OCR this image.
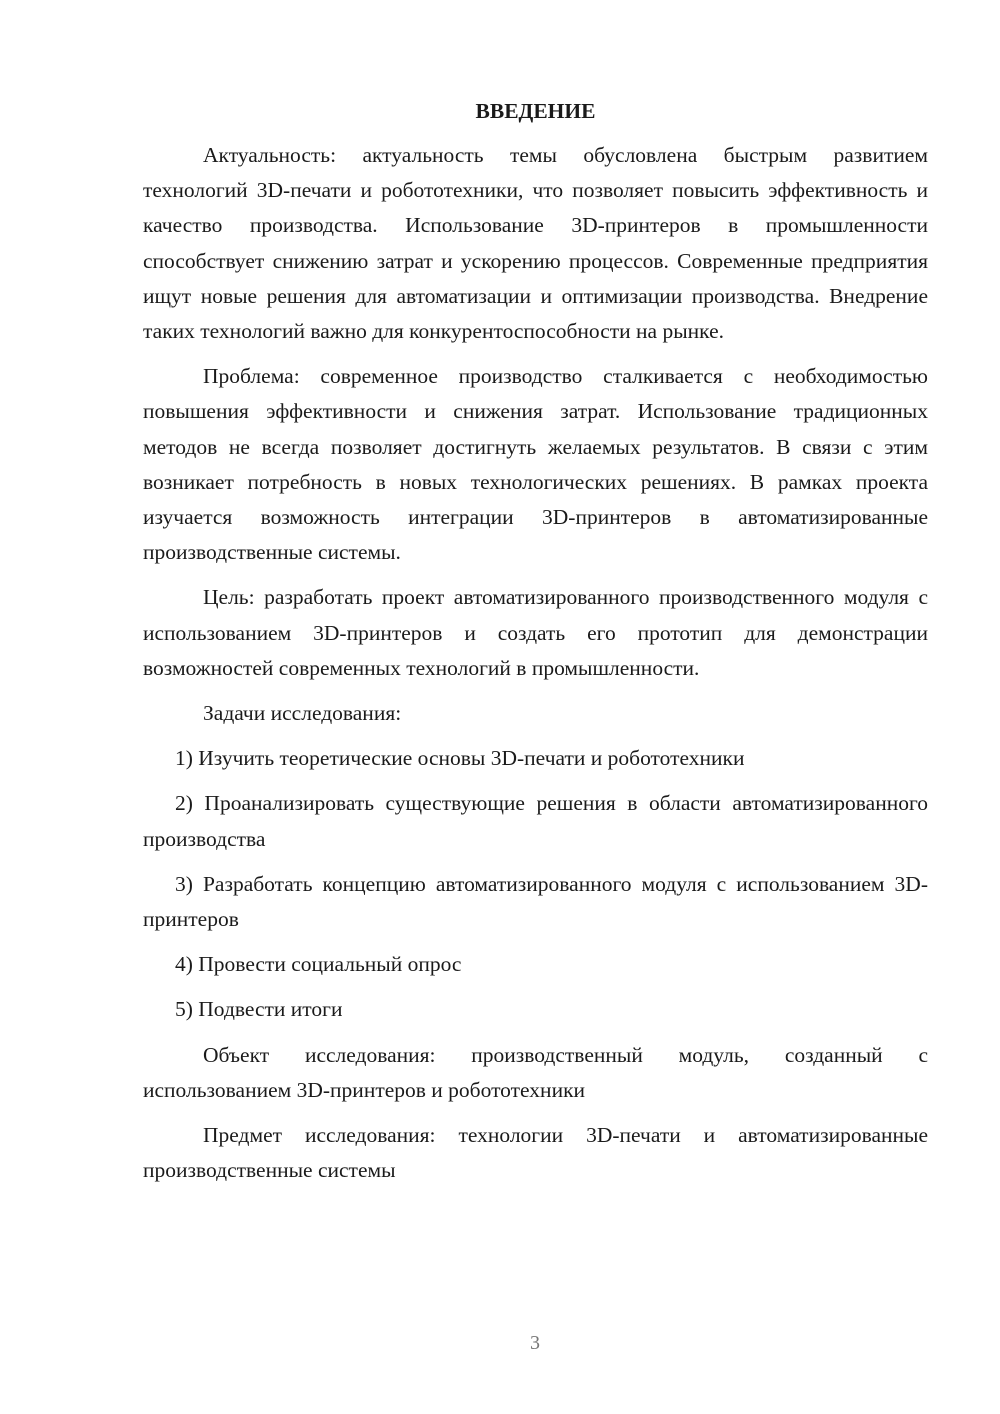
ВВЕДЕНИЕ

Актуальность: актуальность темы обусловлена быстрым развитием технологий 3D-печати и робототехники, что позволяет повысить эффективность и качество производства. Использование 3D-принтеров в промышленности способствует снижению затрат и ускорению процессов. Современные предприятия ищут новые решения для автоматизации и оптимизации производства. Внедрение таких технологий важно для конкурентоспособности на рынке.

Проблема: современное производство сталкивается с необходимостью повышения эффективности и снижения затрат. Использование традиционных методов не всегда позволяет достигнуть желаемых результатов. В связи с этим возникает потребность в новых технологических решениях. В рамках проекта изучается возможность интеграции 3D-принтеров в автоматизированные производственные системы.

Цель: разработать проект автоматизированного производственного модуля с использованием 3D-принтеров и создать его прототип для демонстрации возможностей современных технологий в промышленности.

Задачи исследования:

1) Изучить теоретические основы 3D-печати и робототехники
2) Проанализировать существующие решения в области автоматизированного производства
3) Разработать концепцию автоматизированного модуля с использованием 3D-принтеров
4) Провести социальный опрос
5) Подвести итоги

Объект исследования: производственный модуль, созданный с использованием 3D-принтеров и робототехники

Предмет исследования: технологии 3D-печати и автоматизированные производственные системы

3
